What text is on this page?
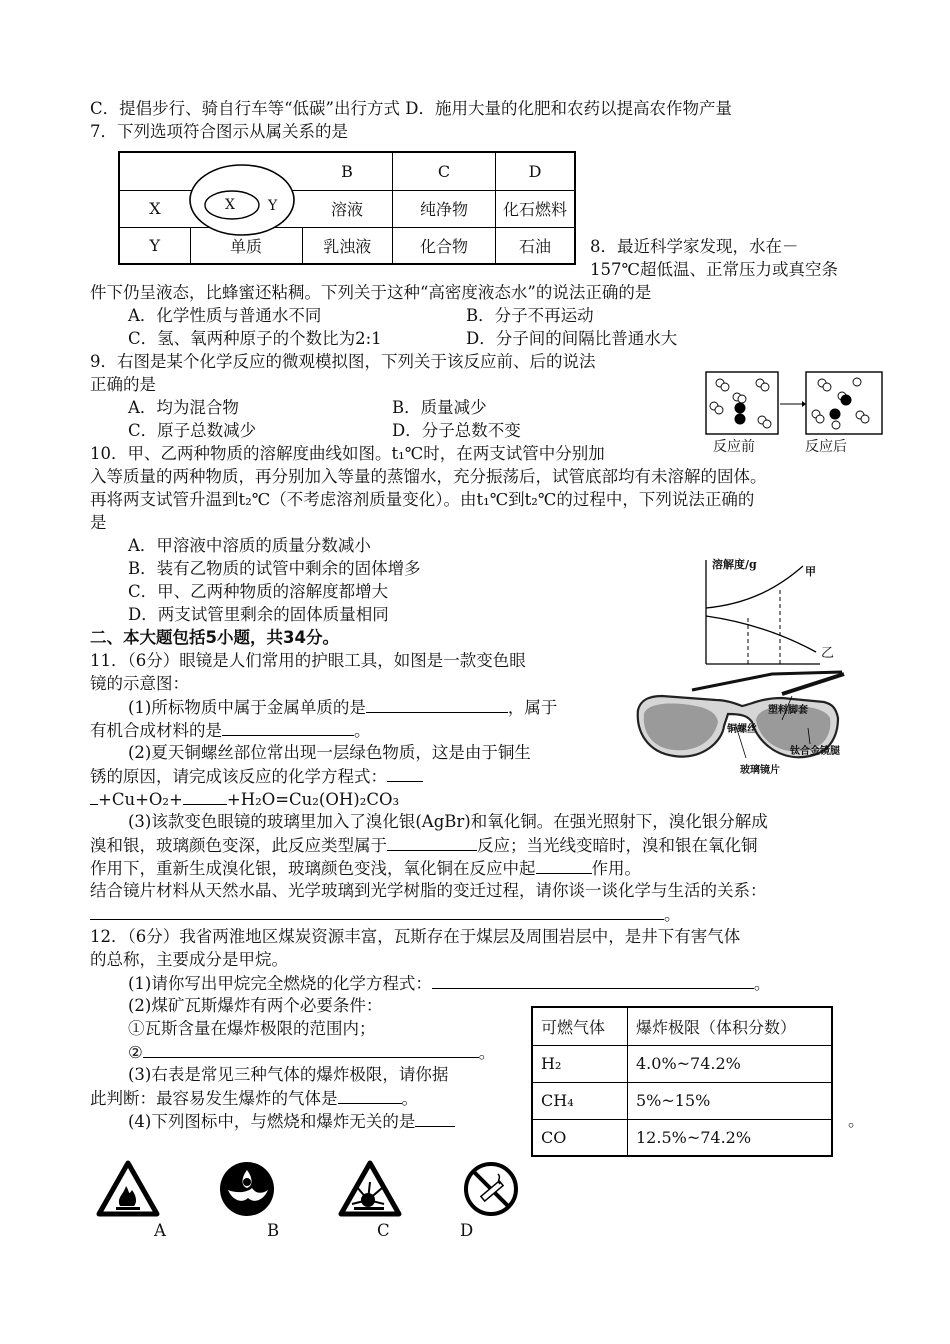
C．提倡步行、骑自行车等“低碳”出行方式 D．施用大量的化肥和农药以提高农作物产量
7．下列选项符合图示从属关系的是
		B	C	D
X		溶液	纯净物	化石燃料
Y	单质	乳浊液	化合物	石油
X Y
8．最近科学家发现，水在－
157℃超低温、正常压力或真空条
件下仍呈液态，比蜂蜜还粘稠。下列关于这种“高密度液态水”的说法正确的是
A．化学性质与普通水不同	B．分子不再运动
C．氢、氧两种原子的个数比为2:1	D．分子间的间隔比普通水大
9．右图是某个化学反应的微观模拟图，下列关于该反应前、后的说法
正确的是
A．均为混合物	B．质量减少
C．原子总数减少	D．分子总数不变
反应前	反应后
10．甲、乙两种物质的溶解度曲线如图。t₁℃时，在两支试管中分别加
入等质量的两种物质，再分别加入等量的蒸馏水，充分振荡后，试管底部均有未溶解的固体。
再将两支试管升温到t₂℃（不考虑溶剂质量变化）。由t₁℃到t₂℃的过程中，下列说法正确的
是
A．甲溶液中溶质的质量分数减小
B．装有乙物质的试管中剩余的固体增多
C．甲、乙两种物质的溶解度都增大
D．两支试管里剩余的固体质量相同
溶解度/g
甲
乙
二、本大题包括5小题，共34分。
11．（6分）眼镜是人们常用的护眼工具，如图是一款变色眼
镜的示意图：
(1)所标物质中属于金属单质的是	，属于
有机合成材料的是	。
(2)夏天铜螺丝部位常出现一层绿色物质，这是由于铜生
锈的原因，请完成该反应的化学方程式：
+Cu+O₂+	+H₂O=Cu₂(OH)₂CO₃
(3)该款变色眼镜的玻璃里加入了溴化银(AgBr)和氧化铜。在强光照射下，溴化银分解成
溴和银，玻璃颜色变深，此反应类型属于	反应；当光线变暗时，溴和银在氧化铜
作用下，重新生成溴化银，玻璃颜色变浅，氧化铜在反应中起	作用。
结合镜片材料从天然水晶、光学玻璃到光学树脂的变迁过程，请你谈一谈化学与生活的关系：
。
塑料脚套
铜螺丝
钛合金镜腿
玻璃镜片
12．（6分）我省两淮地区煤炭资源丰富，瓦斯存在于煤层及周围岩层中，是井下有害气体
的总称，主要成分是甲烷。
(1)请你写出甲烷完全燃烧的化学方程式：	。
(2)煤矿瓦斯爆炸有两个必要条件：
①瓦斯含量在爆炸极限的范围内；
②	。
(3)右表是常见三种气体的爆炸极限，请你据
此判断：最容易发生爆炸的气体是	。
(4)下列图标中，与燃烧和爆炸无关的是	。
可燃气体	爆炸极限（体积分数）
H₂	4.0%~74.2%
CH₄	5%~15%
CO	12.5%~74.2%
A	B	C	D
